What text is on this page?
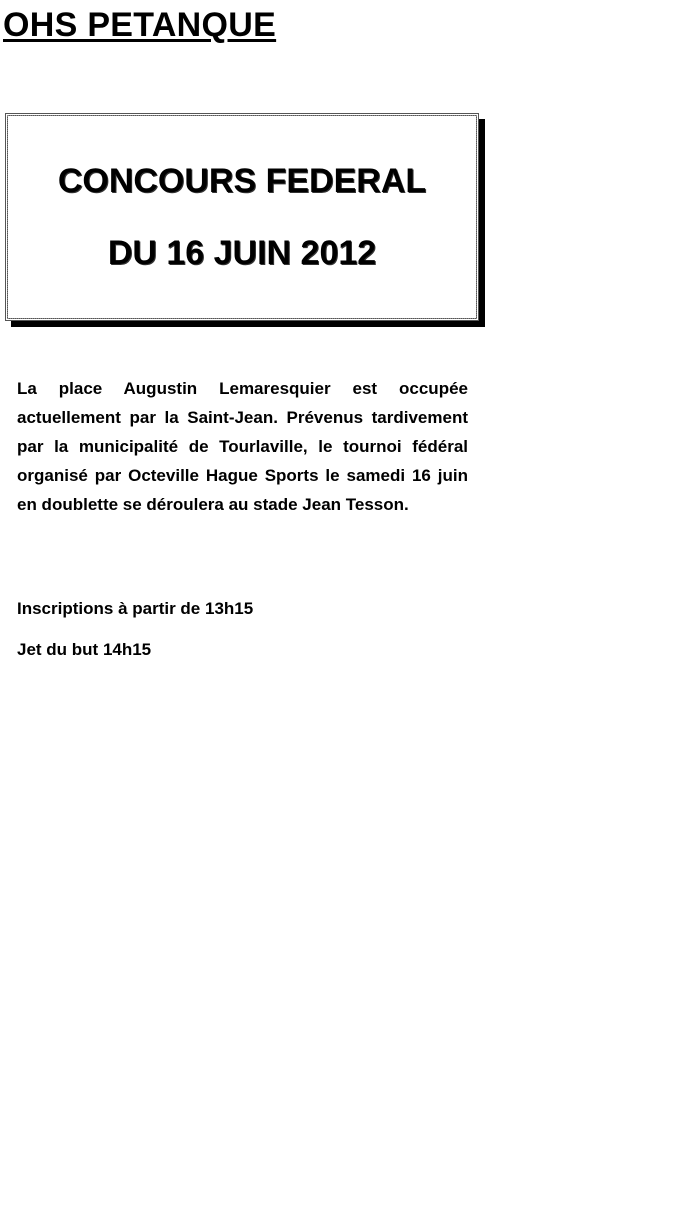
OHS PETANQUE
CONCOURS FEDERAL
DU 16 JUIN 2012

La place Augustin Lemaresquier est occupée actuellement par la Saint-Jean. Prévenus tardivement par la municipalité de Tourlaville, le tournoi fédéral organisé par Octeville Hague Sports le samedi 16 juin en doublette se déroulera au stade Jean Tesson.

Inscriptions à partir de 13h15

Jet du but 14h15
